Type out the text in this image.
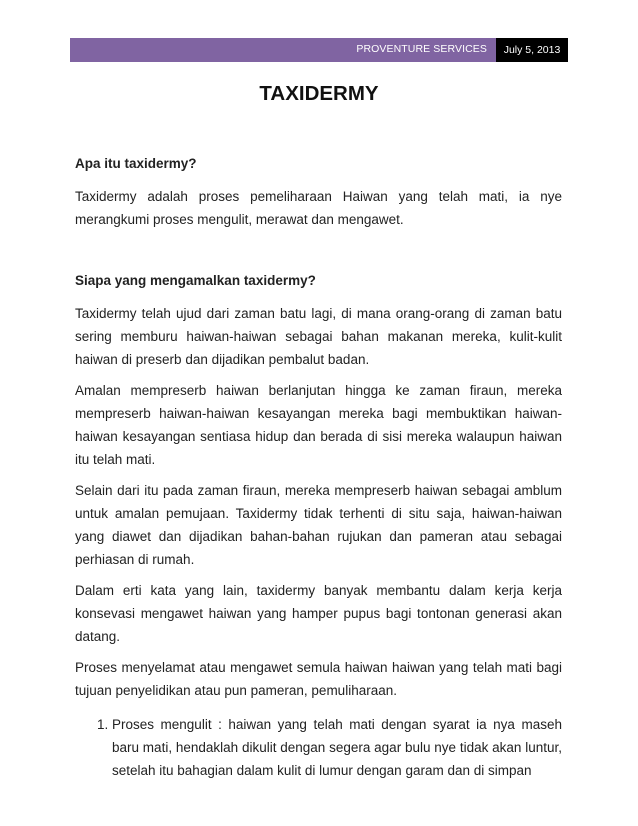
PROVENTURE SERVICES	July 5, 2013
TAXIDERMY

Apa itu taxidermy?

Taxidermy adalah proses pemeliharaan Haiwan yang telah mati, ia nye merangkumi proses mengulit, merawat dan mengawet.

Siapa yang mengamalkan taxidermy?

Taxidermy telah ujud dari zaman batu lagi, di mana orang-orang di zaman batu sering memburu haiwan-haiwan sebagai bahan makanan mereka, kulit-kulit haiwan di preserb dan dijadikan pembalut badan.

Amalan mempreserb haiwan berlanjutan hingga ke zaman firaun, mereka mempreserb haiwan-haiwan kesayangan mereka bagi membuktikan haiwan-haiwan kesayangan sentiasa hidup dan berada di sisi mereka walaupun haiwan itu telah mati.

Selain dari itu pada zaman firaun, mereka mempreserb haiwan sebagai amblum untuk amalan pemujaan. Taxidermy tidak terhenti di situ saja, haiwan-haiwan yang diawet dan dijadikan bahan-bahan rujukan dan pameran atau sebagai perhiasan di rumah.

Dalam erti kata yang lain, taxidermy banyak membantu dalam kerja kerja konsevasi mengawet haiwan yang hamper pupus bagi tontonan generasi akan datang.

Proses menyelamat atau mengawet semula haiwan haiwan yang telah mati bagi tujuan penyelidikan atau pun pameran, pemuliharaan.

1. Proses mengulit : haiwan yang telah mati dengan syarat ia nya maseh baru mati, hendaklah dikulit dengan segera agar bulu nye tidak akan luntur, setelah itu bahagian dalam kulit di lumur dengan garam dan di simpan
